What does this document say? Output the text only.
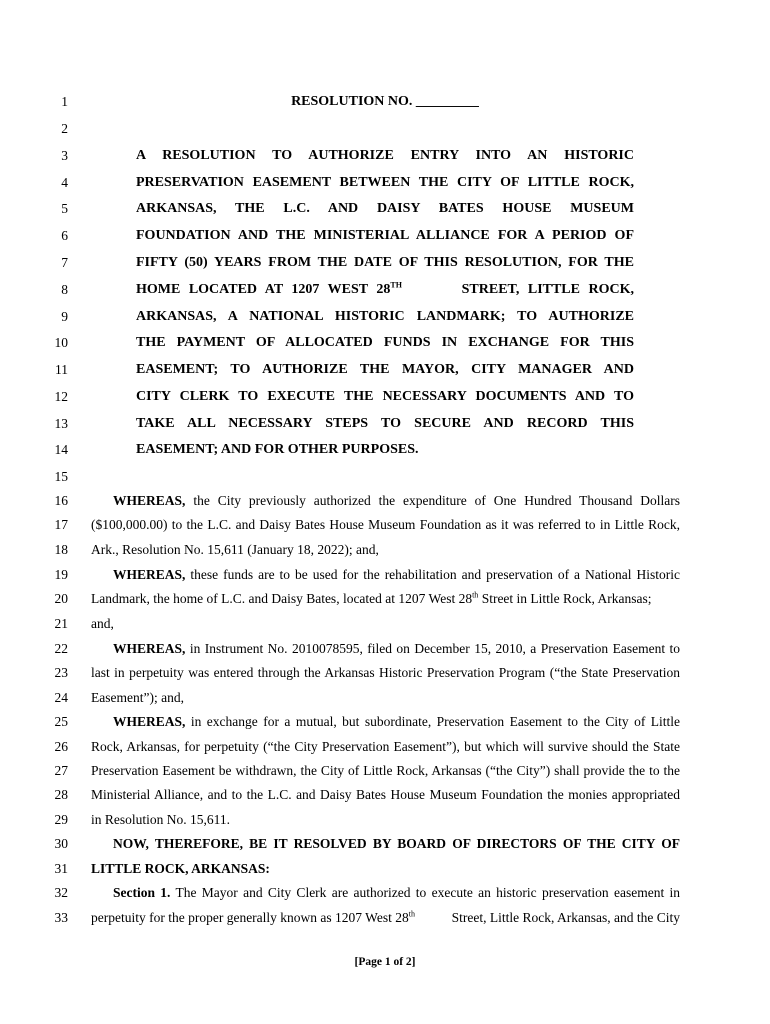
1
2
3
4
5
6
7
8
9
10
11
12
13
14
15
16
17
18
19
20
21
22
23
24
25
26
27
28
29
30
31
32
33
RESOLUTION NO. _________
A RESOLUTION TO AUTHORIZE ENTRY INTO AN HISTORIC
PRESERVATION EASEMENT BETWEEN THE CITY OF LITTLE ROCK,
ARKANSAS, THE L.C. AND DAISY BATES HOUSE MUSEUM
FOUNDATION AND THE MINISTERIAL ALLIANCE FOR A PERIOD OF
FIFTY (50) YEARS FROM THE DATE OF THIS RESOLUTION, FOR THE
HOME LOCATED AT 1207 WEST 28TH	STREET, LITTLE ROCK,
ARKANSAS, A NATIONAL HISTORIC LANDMARK; TO AUTHORIZE
THE PAYMENT OF ALLOCATED FUNDS IN EXCHANGE FOR THIS
EASEMENT; TO AUTHORIZE THE MAYOR, CITY MANAGER AND
CITY CLERK TO EXECUTE THE NECESSARY DOCUMENTS AND TO
TAKE ALL NECESSARY STEPS TO SECURE AND RECORD THIS
EASEMENT; AND FOR OTHER PURPOSES.
WHEREAS, the City previously authorized the expenditure of One Hundred Thousand Dollars
($100,000.00) to the L.C. and Daisy Bates House Museum Foundation as it was referred to in Little Rock,
Ark., Resolution No. 15,611 (January 18, 2022); and,
WHEREAS, these funds are to be used for the rehabilitation and preservation of a National Historic
Landmark, the home of L.C. and Daisy Bates, located at 1207 West 28th Street in Little Rock, Arkansas;
and,
WHEREAS, in Instrument No. 2010078595, filed on December 15, 2010, a Preservation Easement to
last in perpetuity was entered through the Arkansas Historic Preservation Program (“the State Preservation
Easement”); and,
WHEREAS, in exchange for a mutual, but subordinate, Preservation Easement to the City of Little
Rock, Arkansas, for perpetuity (“the City Preservation Easement”), but which will survive should the State
Preservation Easement be withdrawn, the City of Little Rock, Arkansas (“the City”) shall provide the to the
Ministerial Alliance, and to the L.C. and Daisy Bates House Museum Foundation the monies appropriated
in Resolution No. 15,611.
NOW, THEREFORE, BE IT RESOLVED BY BOARD OF DIRECTORS OF THE CITY OF
LITTLE ROCK, ARKANSAS:
Section 1. The Mayor and City Clerk are authorized to execute an historic preservation easement in
perpetuity for the proper generally known as 1207 West 28th	Street, Little Rock, Arkansas, and the City
[Page 1 of 2]
